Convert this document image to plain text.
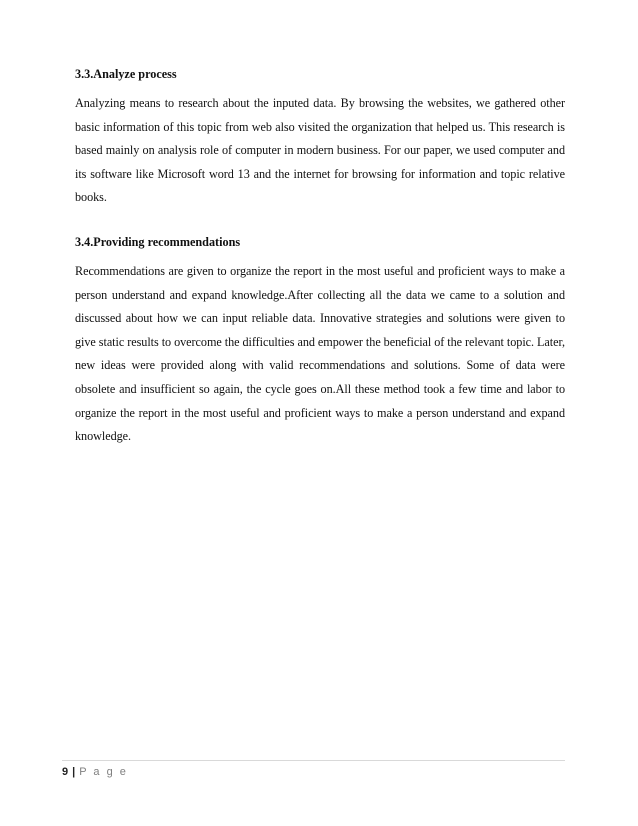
3.3.Analyze process

Analyzing means to research about the inputed data. By browsing the websites, we gathered other basic information of this topic from web also visited the organization that helped us. This research is based mainly on analysis role of computer in modern business. For our paper, we used computer and its software like Microsoft word 13 and the internet for browsing for information and topic relative books.

3.4.Providing recommendations

Recommendations are given to organize the report in the most useful and proficient ways to make a person understand and expand knowledge.After collecting all the data we came to a solution and discussed about how we can input reliable data. Innovative strategies and solutions were given to give static results to overcome the difficulties and empower the beneficial of the relevant topic. Later, new ideas were provided along with valid recommendations and solutions. Some of data were obsolete and insufficient so again, the cycle goes on.All these method took a few time and labor to organize the report in the most useful and proficient ways to make a person understand and expand knowledge.

9 | P a g e
